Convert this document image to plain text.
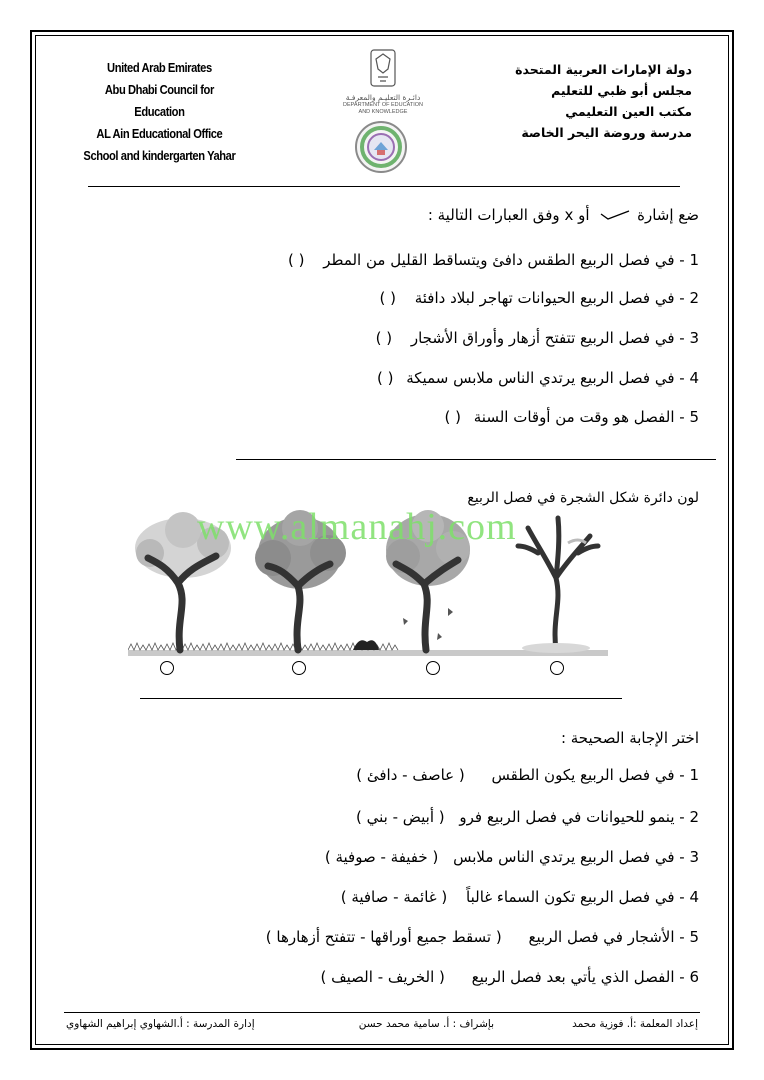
United Arab Emirates
Abu Dhabi Council for Education
AL Ain Educational Office
School and kindergarten Yahar
دائـرة التعليـم والمعرفـة
DEPARTMENT OF EDUCATION
AND KNOWLEDGE
دولة الإمارات العربية المتحدة
مجلس أبو ظبي للتعليم
مكتب العين التعليمي
مدرسة وروضة اليحر الخاصة
ضع إشارة  أو x وفق العبارات التالية :
1 - في فصل الربيع الطقس دافئ ويتساقط القليل من المطر ( )
2 - في فصل الربيع الحيوانات تهاجر لبلاد دافئة ( )
3 - في فصل الربيع تتفتح أزهار وأوراق الأشجار ( )
4 - في فصل الربيع يرتدي الناس ملابس سميكة ( )
5 - الفصل هو وقت من أوقات السنة ( )
لون دائرة شكل الشجرة في فصل الربيع
www.almanahj.com
اختر الإجابة الصحيحة :
1 - في فصل الربيع يكون الطقس ( عاصف - دافئ )
2 - ينمو للحيوانات في فصل الربيع فرو ( أبيض - بني )
3 - في فصل الربيع يرتدي الناس ملابس ( خفيفة - صوفية )
4 - في فصل الربيع تكون السماء غالباً ( غائمة - صافية )
5 - الأشجار في فصل الربيع ( تسقط جميع أوراقها - تتفتح أزهارها )
6 - الفصل الذي يأتي بعد فصل الربيع ( الخريف - الصيف )
إعداد المعلمة :أ. فوزية محمد
بإشراف : أ. سامية محمد حسن
إدارة المدرسة : أ.الشهاوي إبراهيم الشهاوي
